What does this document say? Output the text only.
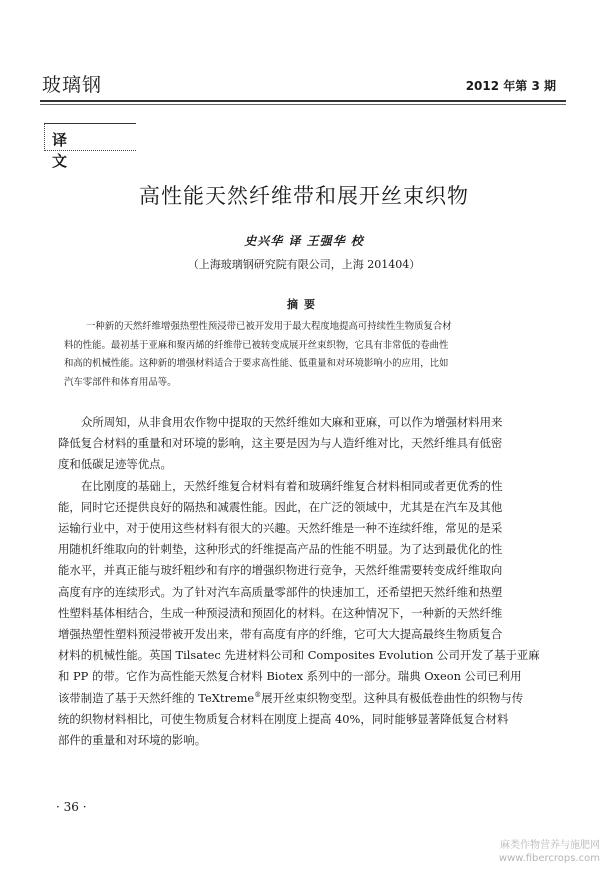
玻璃钢	2012 年第 3 期
译文
高性能天然纤维带和展开丝束织物
史兴华 译 王强华 校
（上海玻璃钢研究院有限公司，上海 201404）
摘要
一种新的天然纤维增强热塑性预浸带已被开发用于最大程度地提高可持续性生物质复合材
料的性能。最初基于亚麻和聚丙烯的纤维带已被转变成展开丝束织物，它具有非常低的卷曲性
和高的机械性能。这种新的增强材料适合于要求高性能、低重量和对环境影响小的应用，比如
汽车零部件和体育用品等。
众所周知，从非食用农作物中提取的天然纤维如大麻和亚麻，可以作为增强材料用来
降低复合材料的重量和对环境的影响，这主要是因为与人造纤维对比，天然纤维具有低密
度和低碳足迹等优点。
在比刚度的基础上，天然纤维复合材料有着和玻璃纤维复合材料相同或者更优秀的性
能，同时它还提供良好的隔热和减震性能。因此，在广泛的领域中，尤其是在汽车及其他
运输行业中，对于使用这些材料有很大的兴趣。天然纤维是一种不连续纤维，常见的是采
用随机纤维取向的针刺垫，这种形式的纤维提高产品的性能不明显。为了达到最优化的性
能水平，并真正能与玻纤粗纱和有序的增强织物进行竞争，天然纤维需要转变成纤维取向
高度有序的连续形式。为了针对汽车高质量零部件的快速加工，还希望把天然纤维和热塑
性塑料基体相结合，生成一种预浸渍和预固化的材料。在这种情况下，一种新的天然纤维
增强热塑性塑料预浸带被开发出来，带有高度有序的纤维，它可大大提高最终生物质复合
材料的机械性能。英国 Tilsatec 先进材料公司和 Composites Evolution 公司开发了基于亚麻
和 PP 的带。它作为高性能天然复合材料 Biotex 系列中的一部分。瑞典 Oxeon 公司已利用
该带制造了基于天然纤维的 TeXtreme®展开丝束织物变型。这种具有极低卷曲性的织物与传
统的织物材料相比，可使生物质复合材料在刚度上提高 40%，同时能够显著降低复合材料
部件的重量和对环境的影响。
· 36 ·
麻类作物营养与施肥网
www.fibercrops.com
